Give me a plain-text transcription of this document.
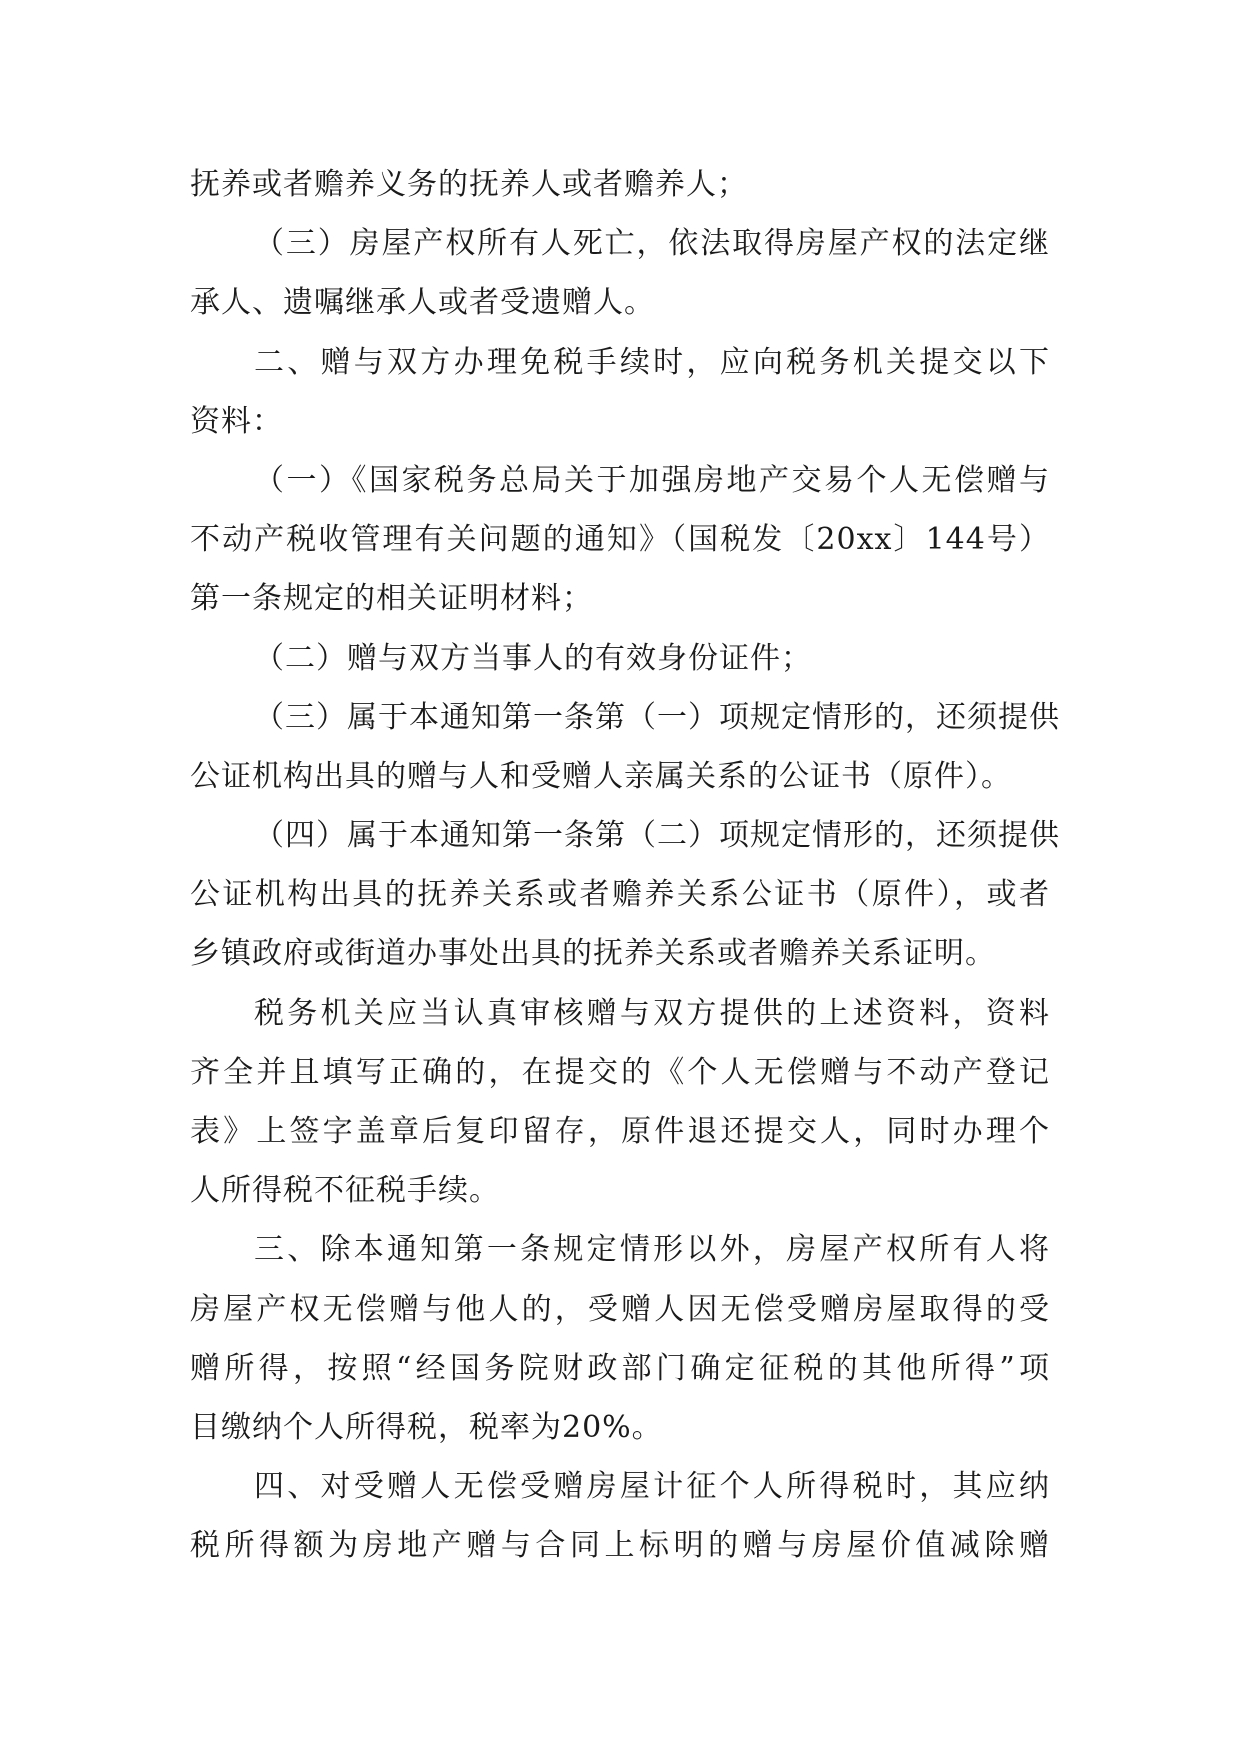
抚养或者赡养义务的抚养人或者赡养人；
（三）房屋产权所有人死亡，依法取得房屋产权的法定继
承人、遗嘱继承人或者受遗赠人。
二、赠与双方办理免税手续时，应向税务机关提交以下
资料：
（一）《国家税务总局关于加强房地产交易个人无偿赠与
不动产税收管理有关问题的通知》（国税发〔20xx〕144号）
第一条规定的相关证明材料；
（二）赠与双方当事人的有效身份证件；
（三）属于本通知第一条第（一）项规定情形的，还须提供
公证机构出具的赠与人和受赠人亲属关系的公证书（原件）。
（四）属于本通知第一条第（二）项规定情形的，还须提供
公证机构出具的抚养关系或者赡养关系公证书（原件），或者
乡镇政府或街道办事处出具的抚养关系或者赡养关系证明。
税务机关应当认真审核赠与双方提供的上述资料，资料
齐全并且填写正确的，在提交的《个人无偿赠与不动产登记
表》上签字盖章后复印留存，原件退还提交人，同时办理个
人所得税不征税手续。
三、除本通知第一条规定情形以外，房屋产权所有人将
房屋产权无偿赠与他人的，受赠人因无偿受赠房屋取得的受
赠所得，按照“经国务院财政部门确定征税的其他所得”项
目缴纳个人所得税，税率为20%。
四、对受赠人无偿受赠房屋计征个人所得税时，其应纳
税所得额为房地产赠与合同上标明的赠与房屋价值减除赠
